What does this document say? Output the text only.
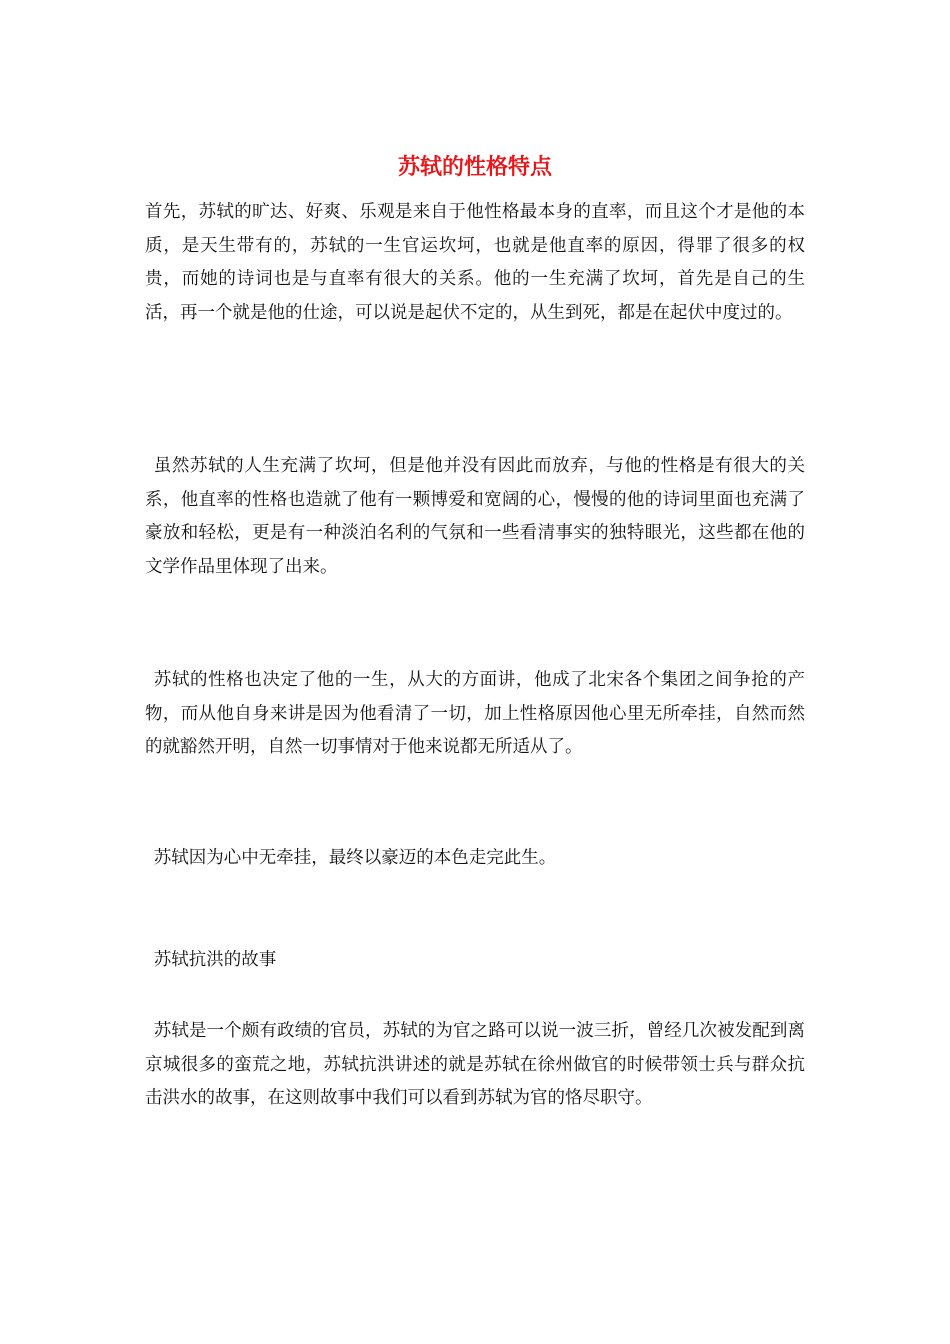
苏轼的性格特点

首先，苏轼的旷达、好爽、乐观是来自于他性格最本身的直率，而且这个才是他的本质，是天生带有的，苏轼的一生官运坎坷，也就是他直率的原因，得罪了很多的权贵，而她的诗词也是与直率有很大的关系。他的一生充满了坎坷，首先是自己的生活，再一个就是他的仕途，可以说是起伏不定的，从生到死，都是在起伏中度过的。

虽然苏轼的人生充满了坎坷，但是他并没有因此而放弃，与他的性格是有很大的关系，他直率的性格也造就了他有一颗博爱和宽阔的心，慢慢的他的诗词里面也充满了豪放和轻松，更是有一种淡泊名利的气氛和一些看清事实的独特眼光，这些都在他的文学作品里体现了出来。

苏轼的性格也决定了他的一生，从大的方面讲，他成了北宋各个集团之间争抢的产物，而从他自身来讲是因为他看清了一切，加上性格原因他心里无所牵挂，自然而然的就豁然开明，自然一切事情对于他来说都无所适从了。

苏轼因为心中无牵挂，最终以豪迈的本色走完此生。

苏轼抗洪的故事

苏轼是一个颇有政绩的官员，苏轼的为官之路可以说一波三折，曾经几次被发配到离京城很多的蛮荒之地，苏轼抗洪讲述的就是苏轼在徐州做官的时候带领士兵与群众抗击洪水的故事，在这则故事中我们可以看到苏轼为官的恪尽职守。
